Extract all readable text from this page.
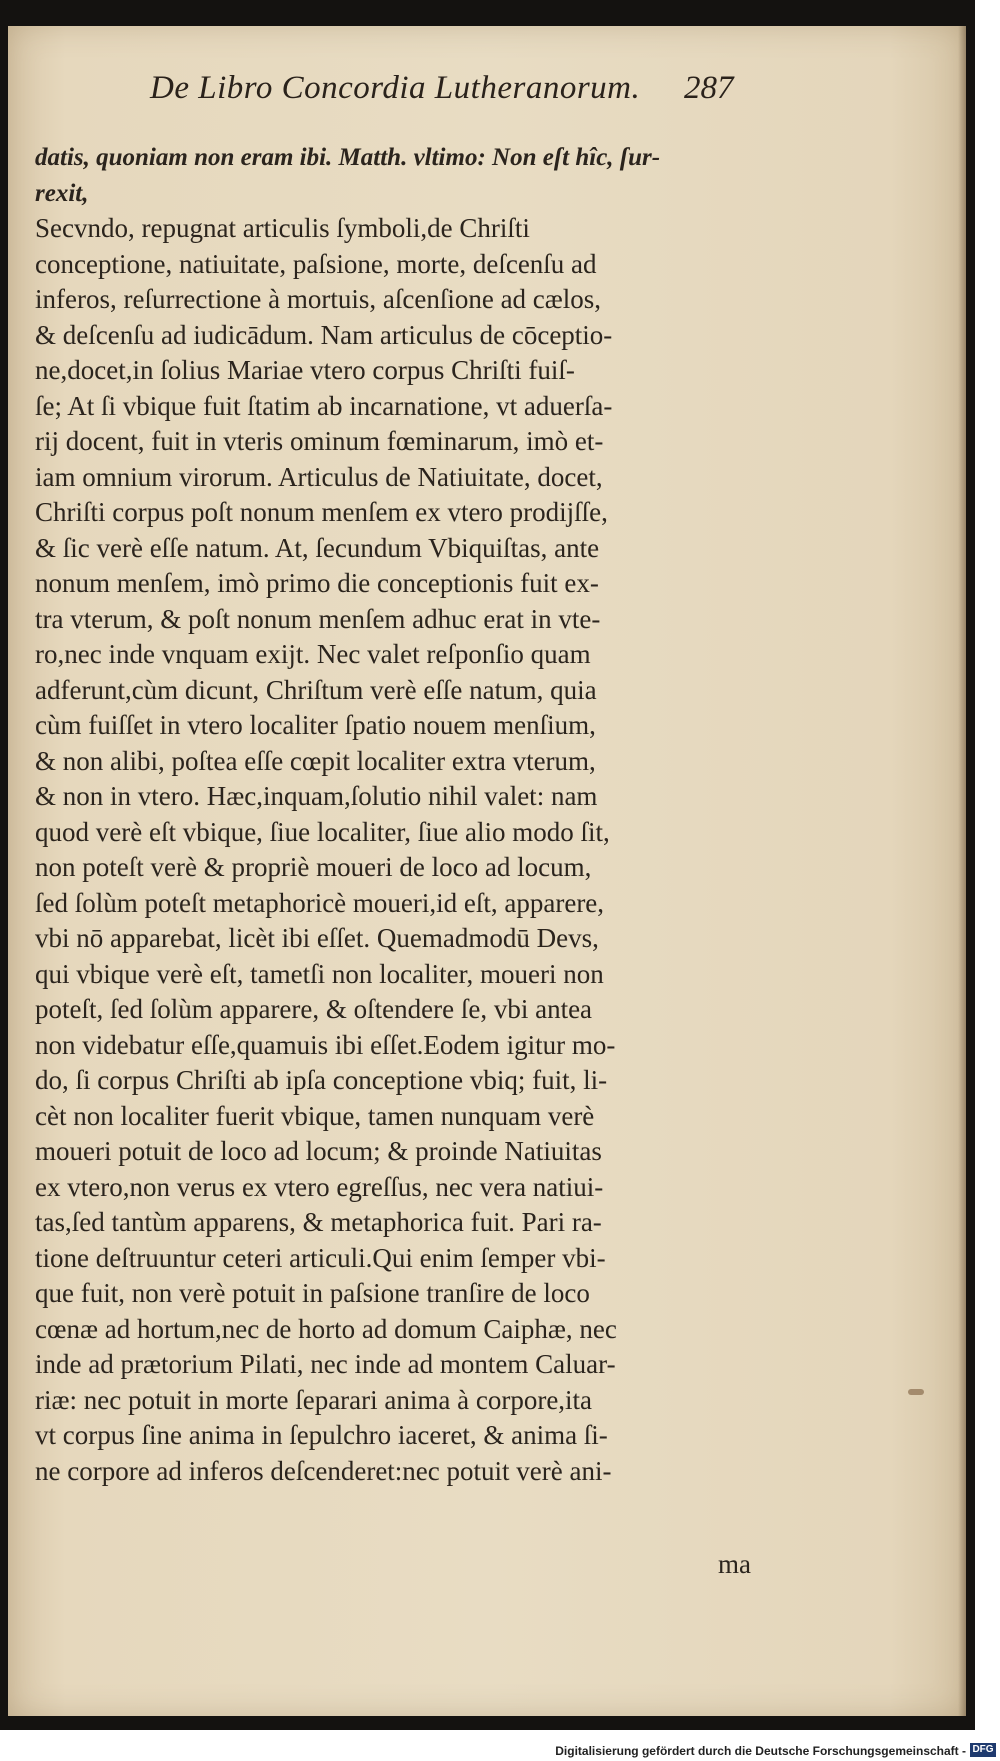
De Libro Concordia Lutheranorum.	287
datis, quoniam non eram ibi. Matth. vltimo: Non eſt hîc, ſur-
rexit,
Secvndo, repugnat articulis ſymboli,de Chriſti
conceptione, natiuitate, paſsione, morte, deſcenſu ad
inferos, reſurrectione à mortuis, aſcenſione ad cælos,
& deſcenſu ad iudicādum. Nam articulus de cōceptio-
ne,docet,in ſolius Mariae vtero corpus Chriſti fuiſ-
ſe; At ſi vbique fuit ſtatim ab incarnatione, vt aduerſa-
rij docent, fuit in vteris ominum fœminarum, imò et-
iam omnium virorum. Articulus de Natiuitate, docet,
Chriſti corpus poſt nonum menſem ex vtero prodijſſe,
& ſic verè eſſe natum. At, ſecundum Vbiquiſtas, ante
nonum menſem, imò primo die conceptionis fuit ex-
tra vterum, & poſt nonum menſem adhuc erat in vte-
ro,nec inde vnquam exijt. Nec valet reſponſio quam
adferunt,cùm dicunt, Chriſtum verè eſſe natum, quia
cùm fuiſſet in vtero localiter ſpatio nouem menſium,
& non alibi, poſtea eſſe cœpit localiter extra vterum,
& non in vtero. Hæc,inquam,ſolutio nihil valet: nam
quod verè eſt vbique, ſiue localiter, ſiue alio modo ſit,
non poteſt verè & propriè moueri de loco ad locum,
ſed ſolùm poteſt metaphoricè moueri,id eſt, apparere,
vbi nō apparebat, licèt ibi eſſet. Quemadmodū Devs,
qui vbique verè eſt, tametſi non localiter, moueri non
poteſt, ſed ſolùm apparere, & oſtendere ſe, vbi antea
non videbatur eſſe,quamuis ibi eſſet.Eodem igitur mo-
do, ſi corpus Chriſti ab ipſa conceptione vbiq; fuit, li-
cèt non localiter fuerit vbique, tamen nunquam verè
moueri potuit de loco ad locum; & proinde Natiuitas
ex vtero,non verus ex vtero egreſſus, nec vera natiui-
tas,ſed tantùm apparens, & metaphorica fuit. Pari ra-
tione deſtruuntur ceteri articuli.Qui enim ſemper vbi-
que fuit, non verè potuit in paſsione tranſire de loco
cœnæ ad hortum,nec de horto ad domum Caiphæ, nec
inde ad prætorium Pilati, nec inde ad montem Caluar-
riæ: nec potuit in morte ſeparari anima à corpore,ita
vt corpus ſine anima in ſepulchro iaceret, & anima ſi-
ne corpore ad inferos deſcenderet:nec potuit verè ani-
ma
Digitalisierung gefördert durch die Deutsche Forschungsgemeinschaft - DFG
